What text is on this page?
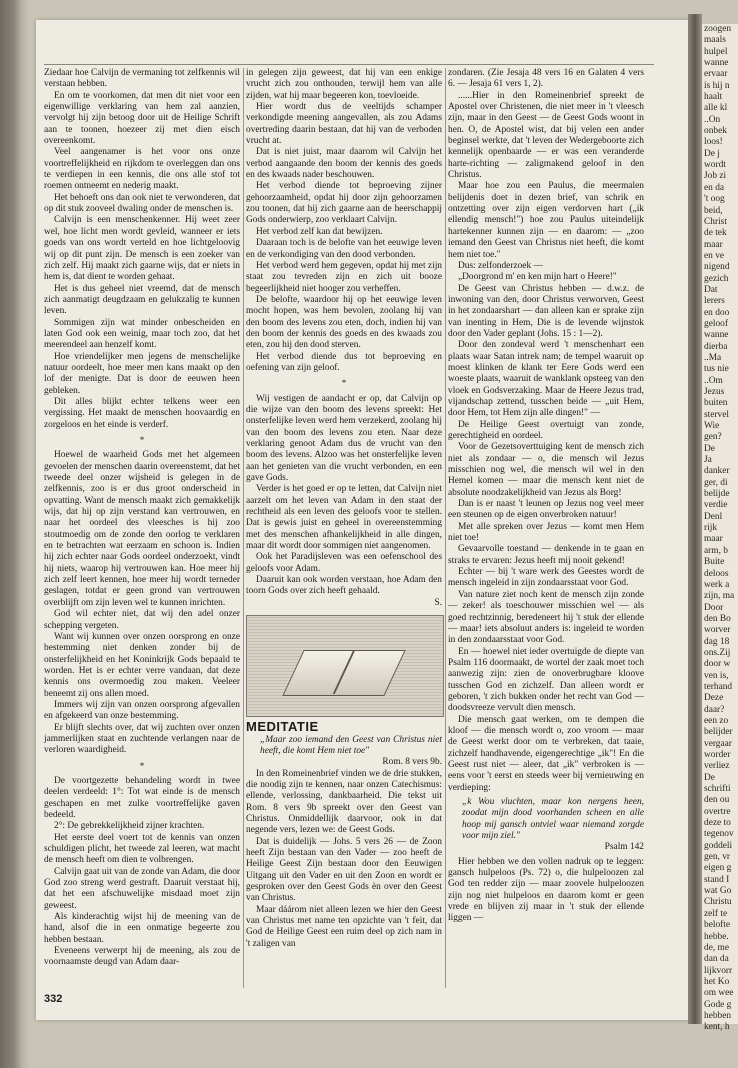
zoogen
maals
hulpel
wanne
ervaar
is hij n
haalt
alle kl
..On
onbek
loos!
De j
wordt
Job zi
en da
't oog
beid,
Christ
de tek
maar
en ve
nigend
gezich
Dat
lerers
en doo
geloof
wanne
dierba
..Ma
tus nie
..Om
Jezus
buiten
stervel
Wie
gen?
De
Ja
danker
ger, di
belijde
verdie
Denl
rijk
maar
arm, b
Buite
deloos
werk a
zijn, ma
Door
den Bo
worver
dag 18
ons.Zij
door w
ven is,
terhand
Deze
daar?
een zo
belijder
vergaar
worder
verliez
De
schrifti
den ou
overtre
deze to
tegenov
goddeli
gen, vr
eigen g
stand I
wat Go
Christu
zelf te
belofte
hebbe.
de, me
dan da
lijkvorr
het Ko
om wee
Gode g
hebben
kent, h

Ziedaar hoe Calvijn de vermaning tot zelfkennis wil verstaan hebben.

En om te voorkomen, dat men dit niet voor een eigenwillige verklaring van hem zal aanzien, vervolgt hij zijn betoog door uit de Heilige Schrift aan te toonen, hoezeer zij met dien eisch overeenkomt.

Veel aangenamer is het voor ons onze voortreffelijkheid en rijkdom te overleggen dan ons te verdiepen in een kennis, die ons alle stof tot roemen ontneemt en nederig maakt.

Het behoeft ons dan ook niet te verwonderen, dat op dit stuk zooveel dwaling onder de menschen is.

Calvijn is een menschenkenner. Hij weet zeer wel, hoe licht men wordt gevleid, wanneer er iets goeds van ons wordt verteld en hoe lichtgeloovig wij op dit punt zijn. De mensch is een zoeker van zich zelf. Hij maakt zich gaarne wijs, dat er niets in hem is, dat dient te worden gehaat.

Het is dus geheel niet vreemd, dat de mensch zich aanmatigt deugdzaam en gelukzalig te kunnen leven.

Sommigen zijn wat minder onbescheiden en laten God ook een weinig, maar toch zoo, dat het meerendeel aan henzelf komt.

Hoe vriendelijker men jegens de menschelijke natuur oordeelt, hoe meer men kans maakt op den lof der menigte. Dat is door de eeuwen heen gebleken.

Dit alles blijkt echter telkens weer een vergissing. Het maakt de menschen hoovaardig en zorgeloos en het einde is verderf.

*

Hoewel de waarheid Gods met het algemeen gevoelen der menschen daarin overeenstemt, dat het tweede deel onzer wijsheid is gelegen in de zelfkennis, zoo is er dus groot onderscheid in opvatting. Want de mensch maakt zich gemakkelijk wijs, dat hij op zijn verstand kan vertrouwen, en naar het oordeel des vleesches is hij zoo stoutmoedig om de zonde den oorlog te verklaren en te betrachten wat eerzaam en schoon is. Indien hij zich echter naar Gods oordeel onderzoekt, vindt hij niets, waarop hij vertrouwen kan. Hoe meer hij zich zelf leert kennen, hoe meer hij wordt terneder geslagen, totdat er geen grond van vertrouwen overblijft om zijn leven wel te kunnen inrichten.

God wil echter niet, dat wij den adel onzer schepping vergeten.

Want wij kunnen over onzen oorsprong en onze bestemming niet denken zonder bij de onsterfelijkheid en het Koninkrijk Gods bepaald te worden. Het is er echter verre vandaan, dat deze kennis ons overmoedig zou maken. Veeleer beneemt zij ons allen moed.

Immers wij zijn van onzen oorsprong afgevallen en afgekeerd van onze bestemming.

Er blijft slechts over, dat wij zuchten over onzen jammerlijken staat en zuchtende verlangen naar de verloren waardigheid.

*

De voortgezette behandeling wordt in twee deelen verdeeld: 1°: Tot wat einde is de mensch geschapen en met zulke voortreffelijke gaven bedeeld.

2°: De gebrekkelijkheid zijner krachten.

Het eerste deel voert tot de kennis van onzen schuldigen plicht, het tweede zal leeren, wat macht de mensch heeft om dien te volbrengen.

Calvijn gaat uit van de zonde van Adam, die door God zoo streng werd gestraft. Daaruit verstaat hij, dat het een afschuwelijke misdaad moet zijn geweest.

Als kinderachtig wijst hij de meening van de hand, alsof die in een onmatige begeerte zou hebben bestaan.

Eveneens verwerpt hij de meening, als zou de voornaamste deugd van Adam daar-

in gelegen zijn geweest, dat hij van een enkige vrucht zich zou onthouden, terwijl hem van alle zijden, wat hij maar begeeren kon, toevloeide.

Hier wordt dus de veeltijds schamper verkondigde meening aangevallen, als zou Adams overtreding daarin bestaan, dat hij van de verboden vrucht at.

Dat is niet juist, maar daarom wil Calvijn het verbod aangaande den boom der kennis des goeds en des kwaads nader beschouwen.

Het verbod diende tot beproeving zijner gehoorzaamheid, opdat hij door zijn gehoorzamen zou toonen, dat hij zich gaarne aan de heerschappij Gods onderwierp, zoo verklaart Calvijn.

Het verbod zelf kan dat bewijzen.

Daaraan toch is de belofte van het eeuwige leven en de verkondiging van den dood verbonden.

Het verbod werd hem gegeven, opdat hij met zijn staat zou tevreden zijn en zich uit booze begeerlijkheid niet hooger zou verheffen.

De belofte, waardoor hij op het eeuwige leven mocht hopen, was hem bevolen, zoolang hij van den boom des levens zou eten, doch, indien hij van den boom der kennis des goeds en des kwaads zou eten, zou hij den dood sterven.

Het verbod diende dus tot beproeving en oefening van zijn geloof.

*

Wij vestigen de aandacht er op, dat Calvijn op die wijze van den boom des levens spreekt: Het onsterfelijke leven werd hem verzekerd, zoolang hij van den boom des levens zou eten. Naar deze verklaring genoot Adam dus de vrucht van den boom des levens. Alzoo was het onsterfelijke leven aan het genieten van die vrucht verbonden, en een gave Gods.

Verder is het goed er op te letten, dat Calvijn niet aarzelt om het leven van Adam in den staat der rechtheid als een leven des geloofs voor te stellen. Dat is gewis juist en geheel in overeenstemming met des menschen afhankelijkheid in alle dingen, maar dit wordt door sommigen niet aangenomen.

Ook het Paradijsleven was een oefenschool des geloofs voor Adam.

Daaruit kan ook worden verstaan, hoe Adam den toorn Gods over zich heeft gehaald.

S.

MEDITATIE

„Maar zoo iemand den Geest van Christus niet heeft, die komt Hem niet toe"

Rom. 8 vers 9b.

In den Romeinenbrief vinden we de drie stukken, die noodig zijn te kennen, naar onzen Catechismus: ellende, verlossing, dankbaarheid. Die tekst uit Rom. 8 vers 9b spreekt over den Geest van Christus. Onmiddellijk daarvoor, ook in dat negende vers, lezen we: de Geest Gods.

Dat is duidelijk — Johs. 5 vers 26 — de Zoon heeft Zijn bestaan van den Vader — zoo heeft de Heilige Geest Zijn bestaan door den Eeuwigen Uitgang uit den Vader en uit den Zoon en wordt er gesproken over den Geest Gods èn over den Geest van Christus.

Maar dáárom niet alleen lezen we hier den Geest van Christus met name ten opzichte van 't feit, dat God de Heilige Geest een ruim deel op zich nam in 't zaligen van

zondaren. (Zie Jesaja 48 vers 16 en Galaten 4 vers 6. — Jesaja 61 vers 1, 2).

......Hier in den Romeinenbrief spreekt de Apostel over Christenen, die niet meer in 't vleesch zijn, maar in den Geest — de Geest Gods woont in hen. O, de Apostel wist, dat bij velen een ander beginsel werkte, dat 't leven der Wedergeboorte zich kennelijk openbaarde — er was een veranderde harte-richting — zaligmakend geloof in den Christus.

Maar hoe zou een Paulus, die meermalen belijdenis doet in dezen brief, van schrik en ontzetting over zijn eigen verdorven hart („ik ellendig mensch!") hoe zou Paulus uiteindelijk hartekenner kunnen zijn — en daarom: — „zoo iemand den Geest van Christus niet heeft, die komt hem niet toe."

Dus: zelfonderzoek —

„Doorgrond m' en ken mijn hart o Heere!"

De Geest van Christus hebben — d.w.z. de inwoning van den, door Christus verworven, Geest in het zondaarshart — dan alleen kan er sprake zijn van inenting in Hem, Die is de levende wijnstok door den Vader geplant (Johs. 15 : 1—2).

Door den zondeval werd 't menschenhart een plaats waar Satan intrek nam; de tempel waaruit op moest klinken de klank ter Eere Gods werd een woeste plaats, waaruit de wanklank opsteeg van den vloek en Godsverzaking. Maar de Heere Jezus trad, vijandschap zettend, tusschen beide — „uit Hem, door Hem, tot Hem zijn alle dingen!" —

De Heilige Geest overtuigt van zonde, gerechtigheid en oordeel.

Voor de Gezetsoverttuiging kent de mensch zich niet als zondaar — o, die mensch wil Jezus misschien nog wel, die mensch wil wel in den Hemel komen — maar die mensch kent niet de absolute noodzakelijkheid van Jezus als Borg!

Dan is er naast 't leunen op Jezus nog veel meer een steunen op de eigen onverbroken natuur!

Met alle spreken over Jezus — komt men Hem niet toe!

Gevaarvolle toestand — denkende in te gaan en straks te ervaren: Jezus heeft mij nooit gekend!

Echter — bij 't ware werk des Geestes wordt de mensch ingeleid in zijn zondaarsstaat voor God.

Van nature ziet noch kent de mensch zijn zonde — zeker! als toeschouwer misschien wel — als goed rechtzinnig, beredeneert hij 't stuk der ellende — maar! iets absoluut anders is: ingeleid te worden in den zondaarsstaat voor God.

En — hoewel niet ieder overtuigde de diepte van Psalm 116 doormaakt, de wortel der zaak moet toch aanwezig zijn: zien de onoverbrugbare kloove tusschen God en zichzelf. Dan alleen wordt er geboren, 't zich bukken onder het recht van God — doodsvreeze vervult dien mensch.

Die mensch gaat werken, om te dempen die kloof — die mensch wordt o, zoo vroom — maar de Geest werkt door om te verbreken, dat taaie, zichzelf handhavende, eigengerechtige „ik"! En die Geest rust niet — aleer, dat „ik" verbroken is — eens voor 't eerst en steeds weer bij vernieuwing en verdieping:

„k Wou vluchten, maar kon nergens heen, zoodat mijn dood voorhanden scheen en alle hoop mij gansch ontviel waar niemand zorgde voor mijn ziel."

Psalm 142

Hier hebben we den vollen nadruk op te leggen: gansch hulpeloos (Ps. 72) o, die hulpeloozen zal God ten redder zijn — maar zoovele hulpeloozen zijn nog niet hulpeloos en daarom komt er geen vrede en blijven zij maar in 't stuk der ellende liggen —

332
